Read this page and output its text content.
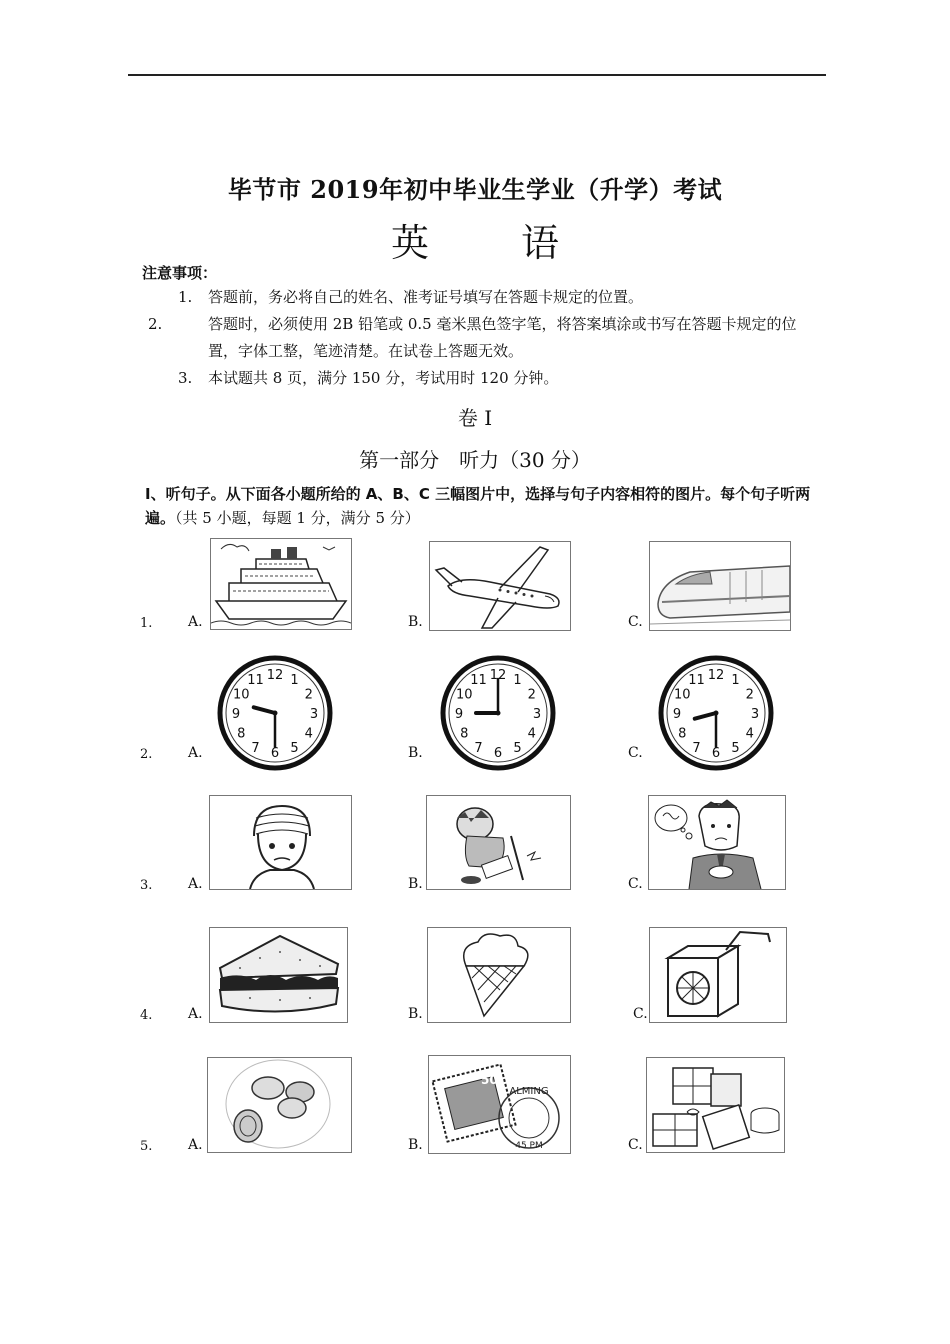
毕节市 2019年初中毕业生学业（升学）考试
英 语
注意事项：
1. 答题前，务必将自己的姓名、准考证号填写在答题卡规定的位置。
2.	答题时，必须使用 2B 铅笔或 0.5 毫米黑色签字笔，将答案填涂或书写在答题卡规定的位置，字体工整，笔迹清楚。在试卷上答题无效。
3. 本试题共 8 页，满分 150 分，考试用时 120 分钟。
卷 I
第一部分　听力（30 分）
Ⅰ、听句子。从下面各小题所给的 A、B、C 三幅图片中，选择与句子内容相符的图片。每个句子听两遍。（共 5 小题，每题 1 分，满分 5 分）
1.	A.	B.	C.
2.	A.	B.	C.
12 1
2
3
4
5
6
7
8
9
10
11	12 1
2
3
4
5
6
7
8
9
10
11	12 1
2
3
4
5
6
7
8
9
10
11
3.	A.	B.	C.
4.	A.	B.	C.
5.	A.	B.	C.
50
ALMING
45 PM
